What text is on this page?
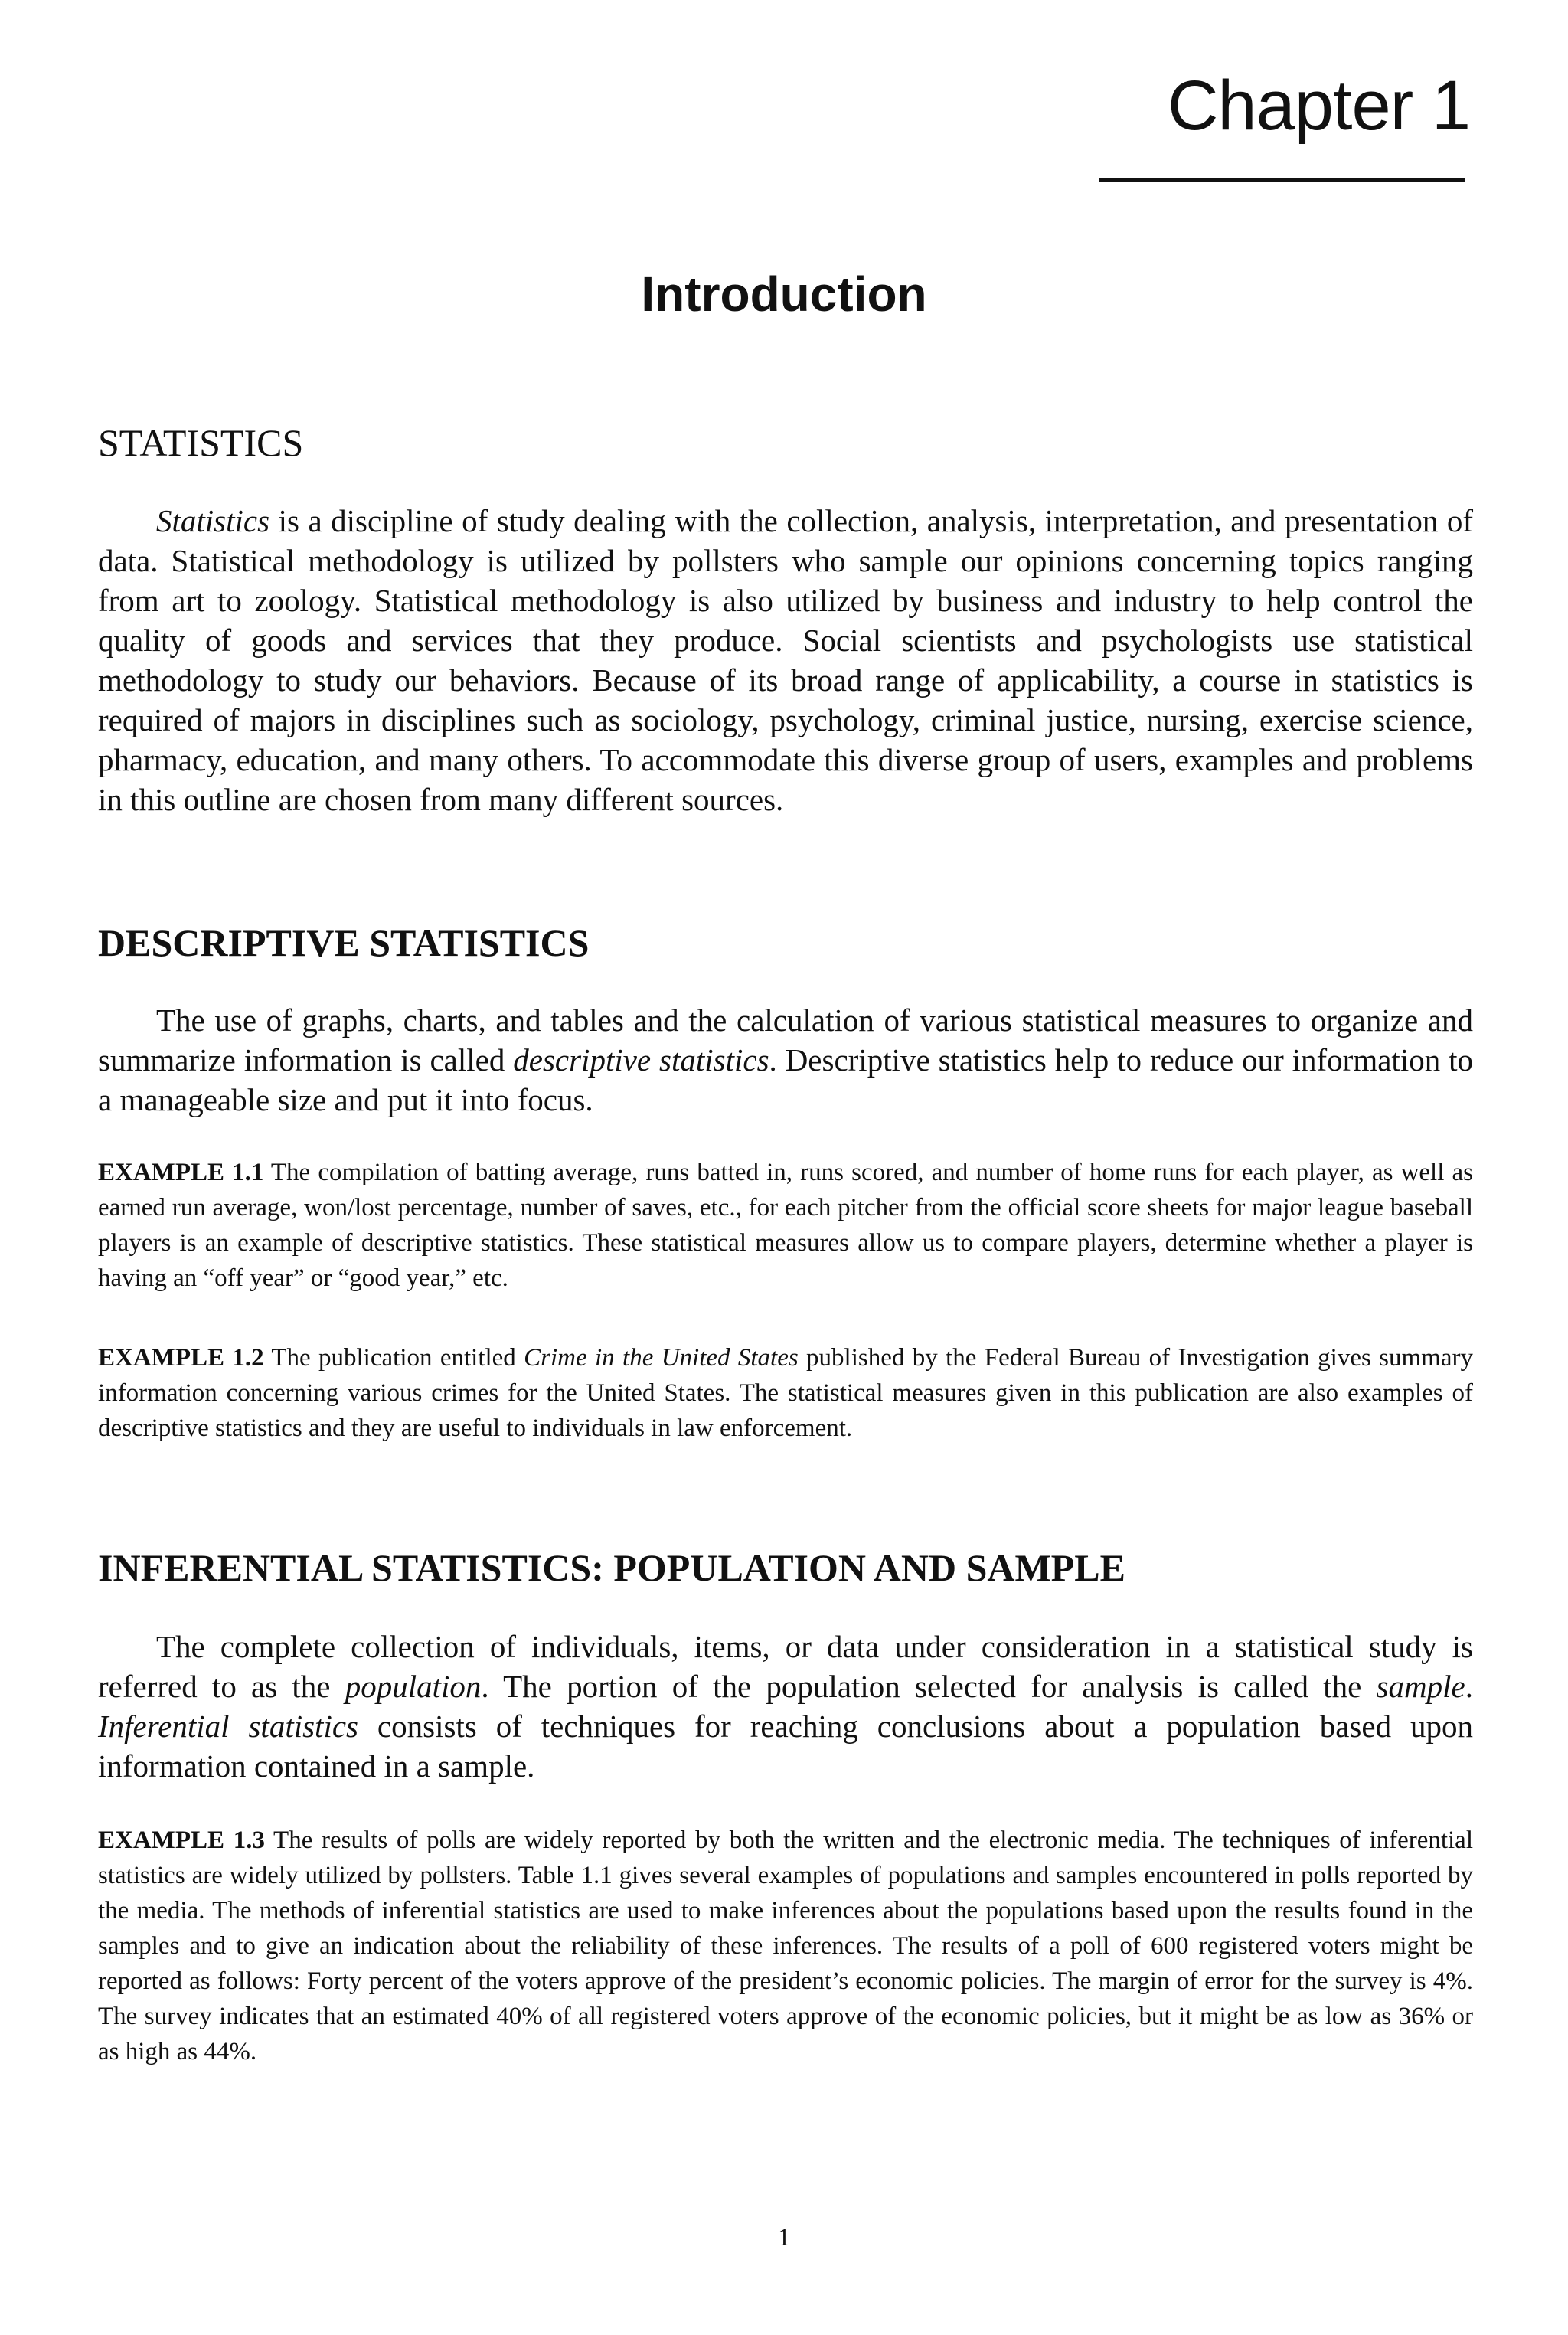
Chapter 1
Introduction
STATISTICS

Statistics is a discipline of study dealing with the collection, analysis, interpretation, and presentation of data. Statistical methodology is utilized by pollsters who sample our opinions concerning topics ranging from art to zoology. Statistical methodology is also utilized by business and industry to help control the quality of goods and services that they produce. Social scientists and psychologists use statistical methodology to study our behaviors. Because of its broad range of applicability, a course in statistics is required of majors in disciplines such as sociology, psychology, criminal justice, nursing, exercise science, pharmacy, education, and many others. To accommodate this diverse group of users, examples and problems in this outline are chosen from many different sources.

DESCRIPTIVE STATISTICS

The use of graphs, charts, and tables and the calculation of various statistical measures to organize and summarize information is called descriptive statistics. Descriptive statistics help to reduce our information to a manageable size and put it into focus.

EXAMPLE 1.1 The compilation of batting average, runs batted in, runs scored, and number of home runs for each player, as well as earned run average, won/lost percentage, number of saves, etc., for each pitcher from the official score sheets for major league baseball players is an example of descriptive statistics. These statistical measures allow us to compare players, determine whether a player is having an “off year” or “good year,” etc.

EXAMPLE 1.2 The publication entitled Crime in the United States published by the Federal Bureau of Investigation gives summary information concerning various crimes for the United States. The statistical measures given in this publication are also examples of descriptive statistics and they are useful to individuals in law enforcement.

INFERENTIAL STATISTICS: POPULATION AND SAMPLE

The complete collection of individuals, items, or data under consideration in a statistical study is referred to as the population. The portion of the population selected for analysis is called the sample. Inferential statistics consists of techniques for reaching conclusions about a population based upon information contained in a sample.

EXAMPLE 1.3 The results of polls are widely reported by both the written and the electronic media. The techniques of inferential statistics are widely utilized by pollsters. Table 1.1 gives several examples of populations and samples encountered in polls reported by the media. The methods of inferential statistics are used to make inferences about the populations based upon the results found in the samples and to give an indication about the reliability of these inferences. The results of a poll of 600 registered voters might be reported as follows: Forty percent of the voters approve of the president’s economic policies. The margin of error for the survey is 4%. The survey indicates that an estimated 40% of all registered voters approve of the economic policies, but it might be as low as 36% or as high as 44%.

1
